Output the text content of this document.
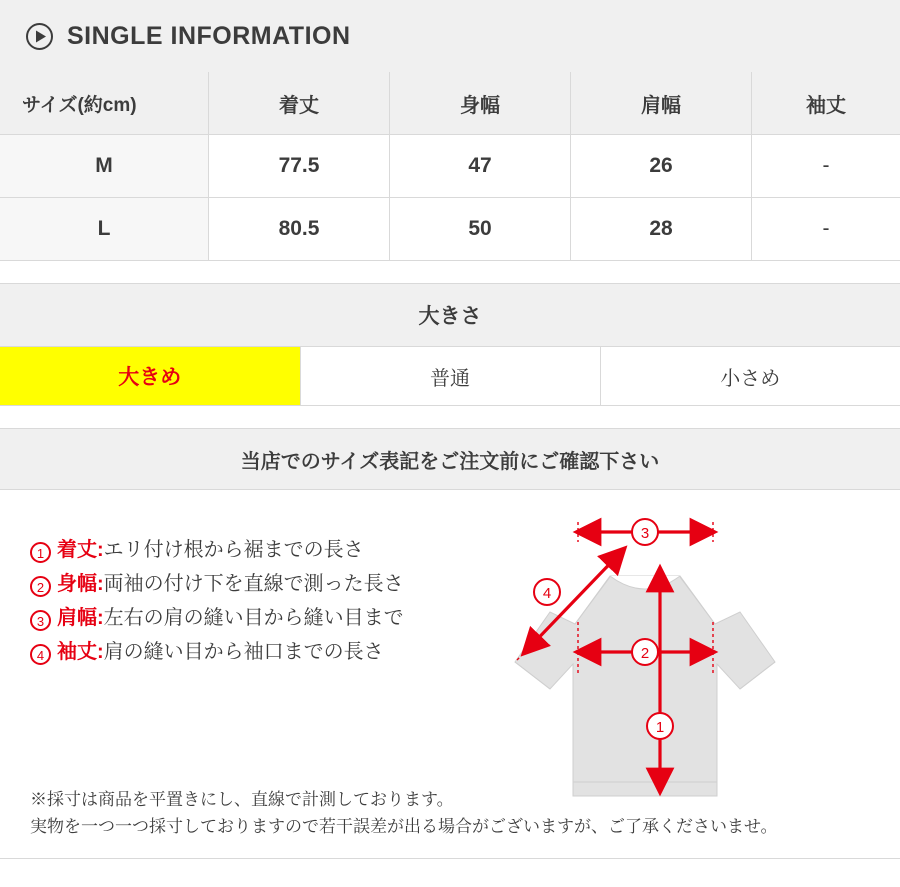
SINGLE INFORMATION
サイズ(約cm)	着丈	身幅	肩幅	袖丈
M	77.5	47	26	-
L	80.5	50	28	-
大きさ
大きめ	普通	小さめ
当店でのサイズ表記をご注文前にご確認下さい
1 着丈: エリ付け根から裾までの長さ
2 身幅: 両袖の付け下を直線で測った長さ
3 肩幅: 左右の肩の縫い目から縫い目まで
4 袖丈: 肩の縫い目から袖口までの長さ
1
2
3
4
※採寸は商品を平置きにし、直線で計測しております。
実物を一つ一つ採寸しておりますので若干誤差が出る場合がございますが、ご了承くださいませ。
